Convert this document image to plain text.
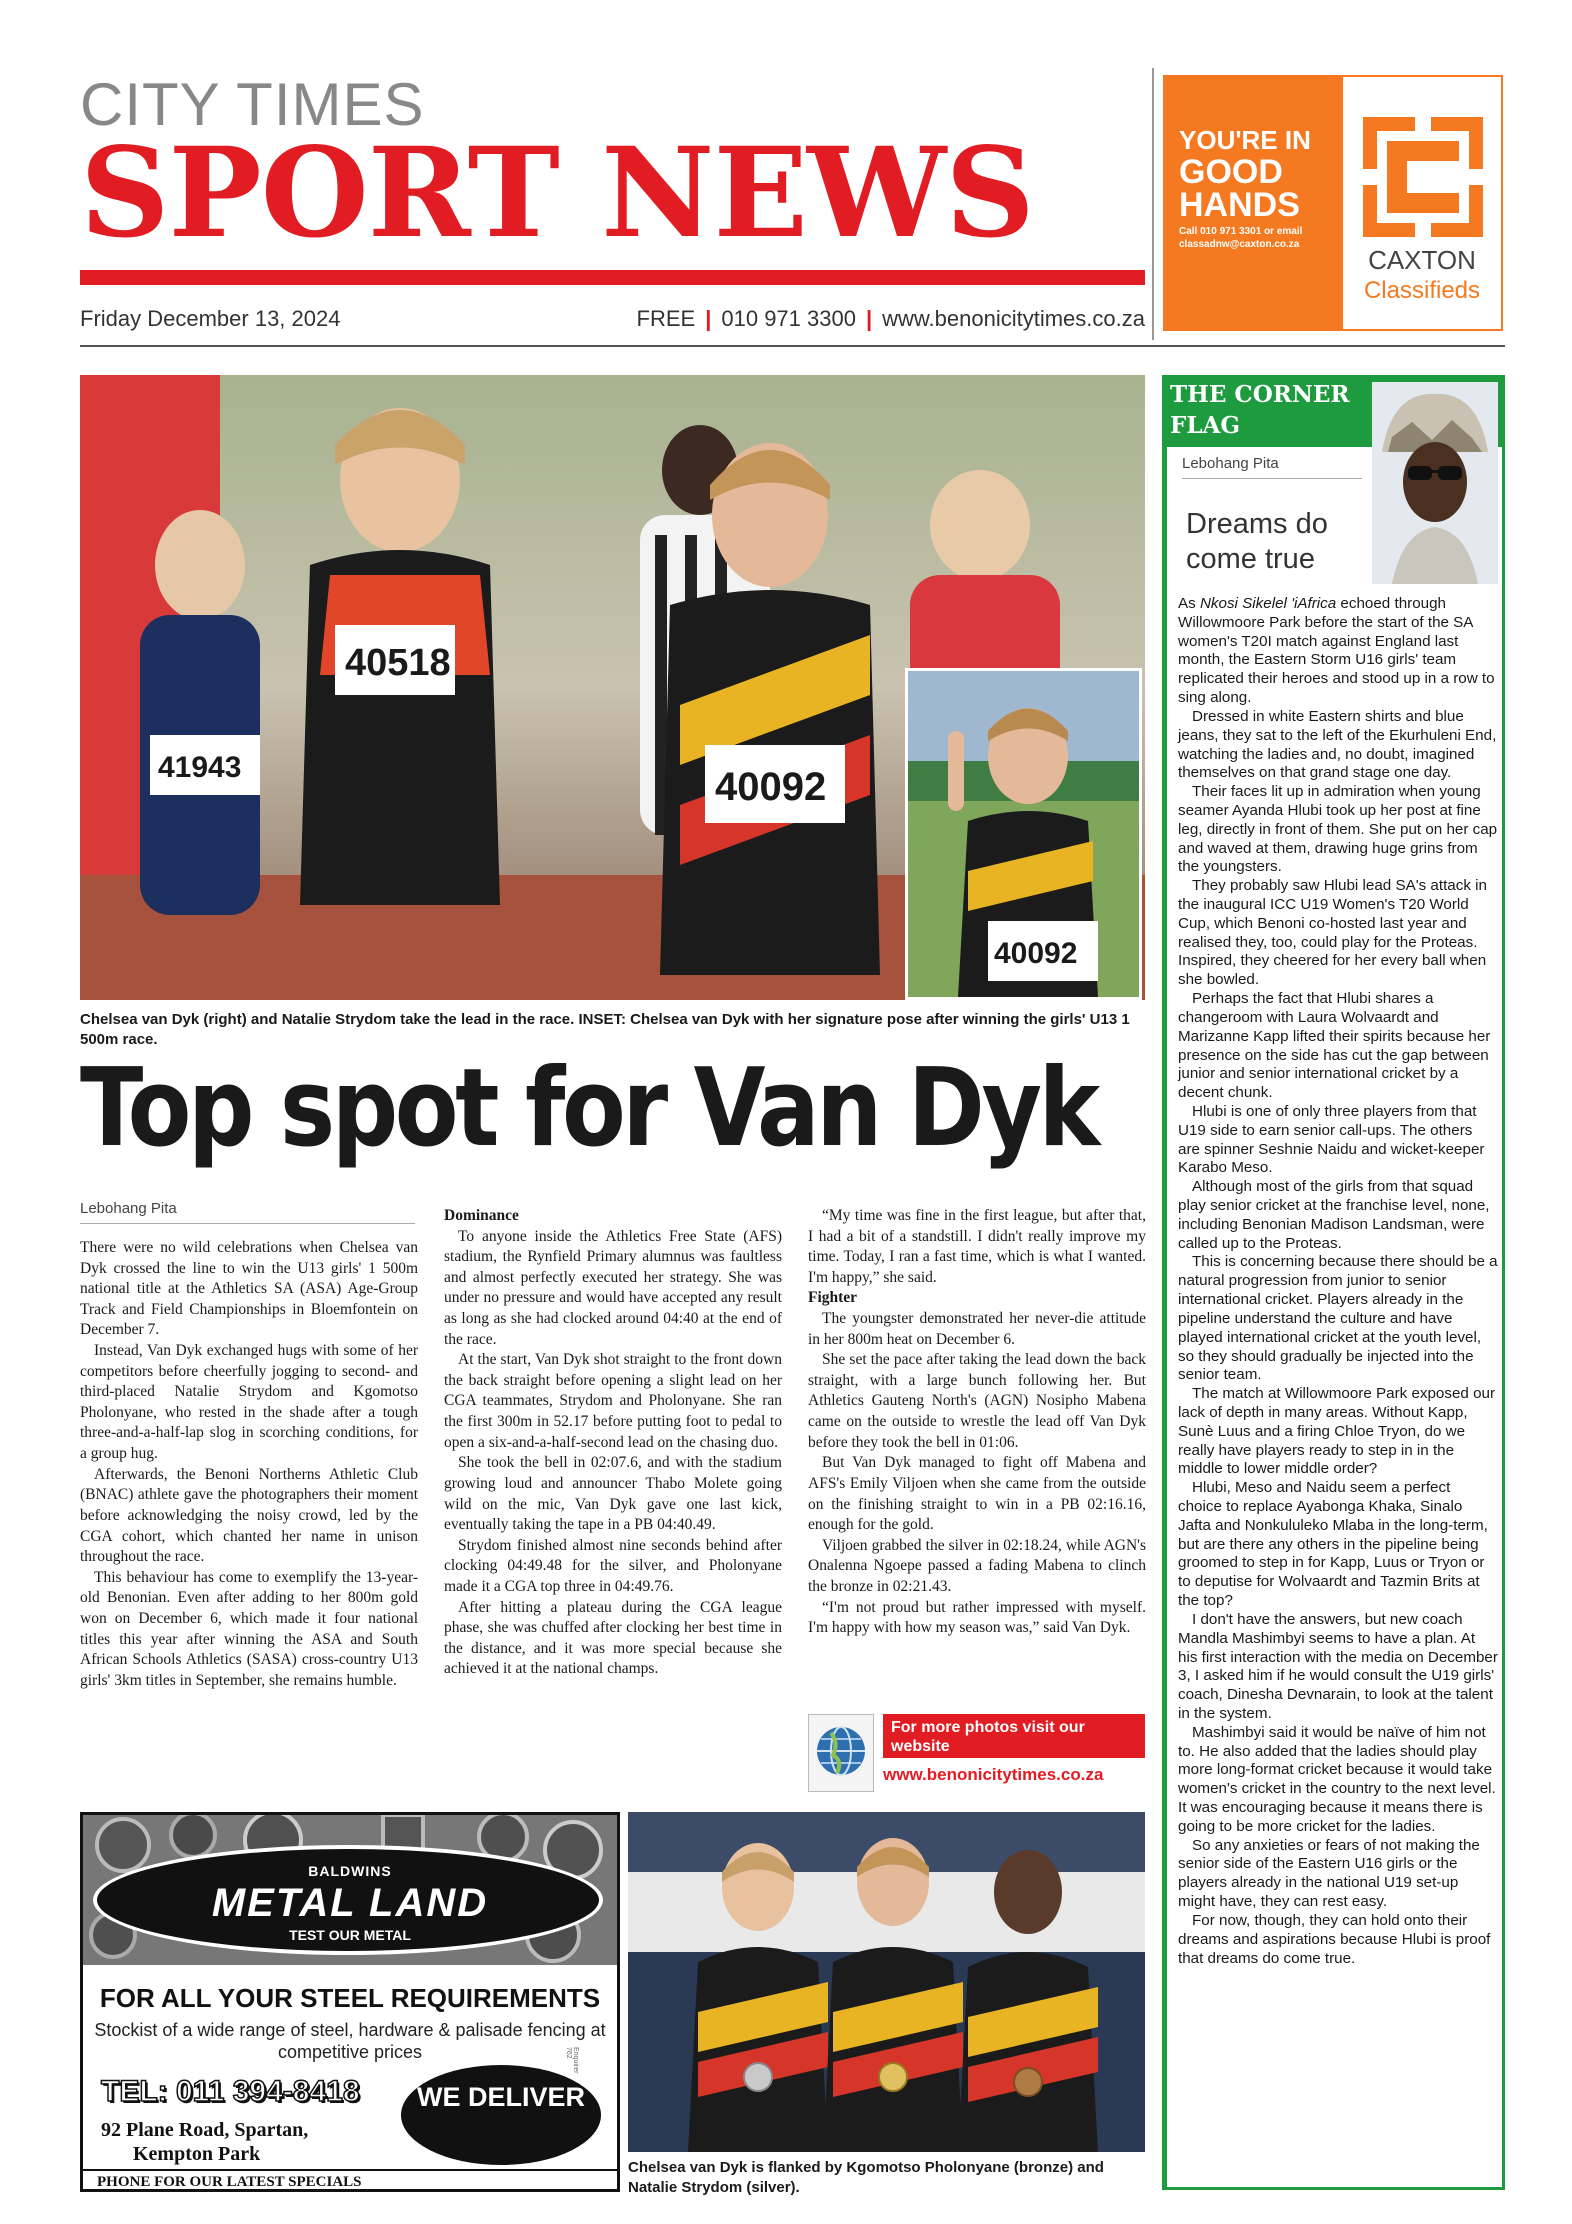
CITY TIMES
SPORT NEWS
Friday December 13, 2024	FREE | 010 971 3300 | www.benonicitytimes.co.za
YOU'RE IN
GOOD
HANDS
Call 010 971 3301 or email classadnw@caxton.co.za
CAXTON
Classifieds
40518
40092
41943
40092
Chelsea van Dyk (right) and Natalie Strydom take the lead in the race. INSET: Chelsea van Dyk with her signature pose after winning the girls' U13 1 500m race.
Top spot for Van Dyk
Lebohang Pita

There were no wild celebrations when Chelsea van Dyk crossed the line to win the U13 girls' 1 500m national title at the Athletics SA (ASA) Age-Group Track and Field Championships in Bloemfontein on December 7.

Instead, Van Dyk exchanged hugs with some of her competitors before cheerfully jogging to second- and third-placed Natalie Strydom and Kgomotso Pholonyane, who rested in the shade after a tough three-and-a-half-lap slog in scorching conditions, for a group hug.

Afterwards, the Benoni Northerns Athletic Club (BNAC) athlete gave the photographers their moment before acknowledging the noisy crowd, led by the CGA cohort, which chanted her name in unison throughout the race.

This behaviour has come to exemplify the 13-year-old Benonian. Even after adding to her 800m gold won on December 6, which made it four national titles this year after winning the ASA and South African Schools Athletics (SASA) cross-country U13 girls' 3km titles in September, she remains humble.

Dominance

To anyone inside the Athletics Free State (AFS) stadium, the Rynfield Primary alumnus was faultless and almost perfectly executed her strategy. She was under no pressure and would have accepted any result as long as she had clocked around 04:40 at the end of the race.

At the start, Van Dyk shot straight to the front down the back straight before opening a slight lead on her CGA teammates, Strydom and Pholonyane. She ran the first 300m in 52.17 before putting foot to pedal to open a six-and-a-half-second lead on the chasing duo.

She took the bell in 02:07.6, and with the stadium growing loud and announcer Thabo Molete going wild on the mic, Van Dyk gave one last kick, eventually taking the tape in a PB 04:40.49.

Strydom finished almost nine seconds behind after clocking 04:49.48 for the silver, and Pholonyane made it a CGA top three in 04:49.76.

After hitting a plateau during the CGA league phase, she was chuffed after clocking her best time in the distance, and it was more special because she achieved it at the national champs.

“My time was fine in the first league, but after that, I had a bit of a standstill. I didn't really improve my time. Today, I ran a fast time, which is what I wanted. I'm happy,” she said.

Fighter

The youngster demonstrated her never-die attitude in her 800m heat on December 6.

She set the pace after taking the lead down the back straight, with a large bunch following her. But Athletics Gauteng North's (AGN) Nosipho Mabena came on the outside to wrestle the lead off Van Dyk before they took the bell in 01:06.

But Van Dyk managed to fight off Mabena and AFS's Emily Viljoen when she came from the outside on the finishing straight to win in a PB 02:16.16, enough for the gold.

Viljoen grabbed the silver in 02:18.24, while AGN's Onalenna Ngoepe passed a fading Mabena to clinch the bronze in 02:21.43.

“I'm not proud but rather impressed with myself. I'm happy with how my season was,” said Van Dyk.

For more photos visit our website
www.benonicitytimes.co.za
BALDWINS
METAL LAND
TEST OUR METAL
FOR ALL YOUR STEEL REQUIREMENTS
Stockist of a wide range of steel, hardware & palisade fencing at competitive prices
TEL: 011 394-8418
92 Plane Road, Spartan,
Kempton Park
WE DELIVER
Enquirer 762
PHONE FOR OUR LATEST SPECIALS
Chelsea van Dyk is flanked by Kgomotso Pholonyane (bronze) and Natalie Strydom (silver).
THE CORNER FLAG
Lebohang Pita
Dreams do come true

As Nkosi Sikelel 'iAfrica echoed through Willowmoore Park before the start of the SA women's T20I match against England last month, the Eastern Storm U16 girls' team replicated their heroes and stood up in a row to sing along.

Dressed in white Eastern shirts and blue jeans, they sat to the left of the Ekurhuleni End, watching the ladies and, no doubt, imagined themselves on that grand stage one day.

Their faces lit up in admiration when young seamer Ayanda Hlubi took up her post at fine leg, directly in front of them. She put on her cap and waved at them, drawing huge grins from the youngsters.

They probably saw Hlubi lead SA's attack in the inaugural ICC U19 Women's T20 World Cup, which Benoni co-hosted last year and realised they, too, could play for the Proteas. Inspired, they cheered for her every ball when she bowled.

Perhaps the fact that Hlubi shares a changeroom with Laura Wolvaardt and Marizanne Kapp lifted their spirits because her presence on the side has cut the gap between junior and senior international cricket by a decent chunk.

Hlubi is one of only three players from that U19 side to earn senior call-ups. The others are spinner Seshnie Naidu and wicket-keeper Karabo Meso.

Although most of the girls from that squad play senior cricket at the franchise level, none, including Benonian Madison Landsman, were called up to the Proteas.

This is concerning because there should be a natural progression from junior to senior international cricket. Players already in the pipeline understand the culture and have played international cricket at the youth level, so they should gradually be injected into the senior team.

The match at Willowmoore Park exposed our lack of depth in many areas. Without Kapp, Sunè Luus and a firing Chloe Tryon, do we really have players ready to step in in the middle to lower middle order?

Hlubi, Meso and Naidu seem a perfect choice to replace Ayabonga Khaka, Sinalo Jafta and Nonkululeko Mlaba in the long-term, but are there any others in the pipeline being groomed to step in for Kapp, Luus or Tryon or to deputise for Wolvaardt and Tazmin Brits at the top?

I don't have the answers, but new coach Mandla Mashimbyi seems to have a plan. At his first interaction with the media on December 3, I asked him if he would consult the U19 girls' coach, Dinesha Devnarain, to look at the talent in the system.

Mashimbyi said it would be naïve of him not to. He also added that the ladies should play more long-format cricket because it would take women's cricket in the country to the next level. It was encouraging because it means there is going to be more cricket for the ladies.

So any anxieties or fears of not making the senior side of the Eastern U16 girls or the players already in the national U19 set-up might have, they can rest easy.

For now, though, they can hold onto their dreams and aspirations because Hlubi is proof that dreams do come true.
